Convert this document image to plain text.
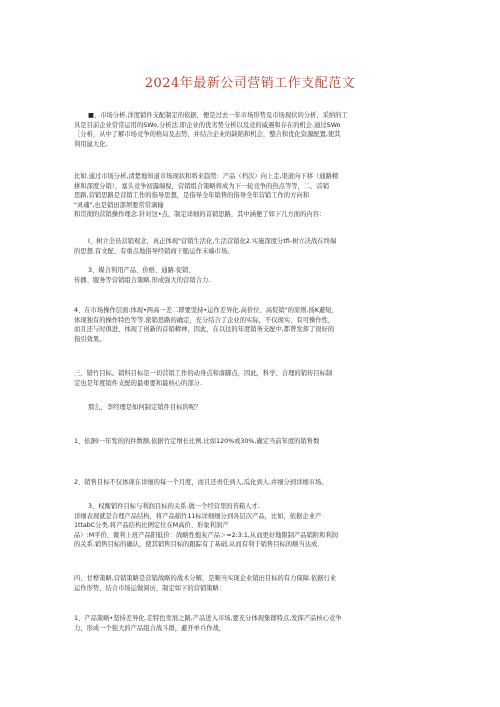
2024年最新公司营销工作支配范文

■、市场分析.洋度销件支配制定的依据，便是过去一年市场形势及市场现状的分析，采纳的工

具是目前企业常常运用的SWo,分析法.即企业的优劣势分析以及竞的威遇和存在的机会.通过SWo

［分析，从中了解市场竞争的格局及态势，并结合企业的缺陷和机会，整合和优化资源配置,使其

利用鼠大化.

比如.通过市场分析,清楚地知道市场现状和将来趋势：产品（档次）向上走,渠道向下移（通路精

拼和深度分销），塞头竞争初露端倪，营销组合策略将成为下一轮竞争的热点等等，二、首销

思路,营销思路是营销工作的指导思想，是指导全年销售的指导全年营销工作的方向和

"灵魂",也是销田部须要常常滴输

和贯彻的营销操作理念.针对这•点，制定详细的首销思路，其中涵便了如下几方面的内容：

I、树立全员营销观念，真正体现"营销生活化,生活营销化2.实施深度分tfi-树立决战在终端

的思想.有文配、有重点地指导经销商干脆运作末端市场。

3、媒合利用产品、价格、通路.促销、

传播、服务等营销组合策略.形成强大的营销合力.

4、在市场操作层面:体现•两高一差二即要坚持•运作差异化.高价位、高促销"的原则.扬K避短，

体现独有的操作特色等等.密销思路的确定，充分结合了企业的实际，不仅现实、有可操作性，

而且还与时俱进，体现了创新的首销精神，因此，在以往的年度销务支配中,都曾发挥了很好的

指引效果。

三、错竹目标。销科目标是一切营销工作的动身点和落脚点，因此，科学、合理的销传目标制

定也是年度销件支配的最重要和最核心的部分.

那么，李经理是如何制定销件目标的呢？

1、依据I一年发的的件数额,依据竹定增长比例.比如120%或30%,确定当前年度的销售数

2、销售目标不仅体现在详细的每一个月度，而且还责任到人,瓜化到人.并细分到详细市场。

3、权衡销件目标与利润目标的关系.做一个经营里的苔箱人才.

详细表现就是合理产品结构，将产品描竹11标详细细分到各层次产品，比如，依据企业产

1ttabC分类.将产品结构比例定位在M高价、形象利润产

品）:M平价、微利上班产品阳低价：战略性炮灰产品＞=2:3:1,从而更好地限制产品销附和利润

的关系.销售目标的确认，使其销售目标的跟踪有了基础,从而有利于销售目标的顺当达成.

四、甘桦策略,营销策略是营销战略的战术分解，是顺当实现企业销田目标的有力保障.依据行业

运作形势，结合市场运做阅历，制定如下的营销策略：

1、产品策略•坚持差异化.走特色发展之路,产品进入市场,要充分体现集群特点,发挥产品核心竞争

力，形成一个强大的产品组合战斗群，避开单兵作战，
